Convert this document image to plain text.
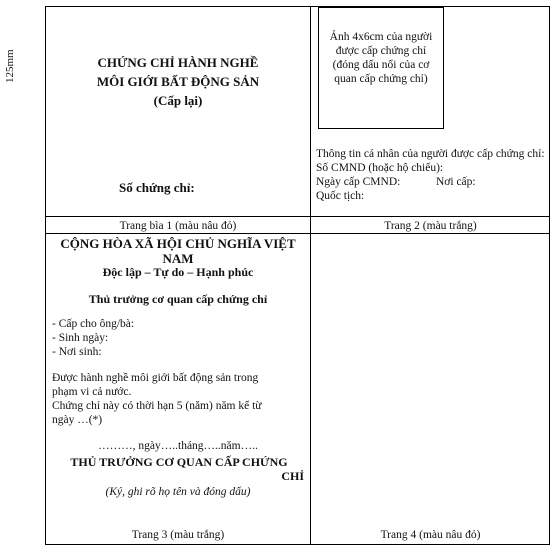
125mm	CHỨNG CHỈ HÀNH NGHỀ
MÔI GIỚI BẤT ĐỘNG SẢN
(Cấp lại)
Số chứng chỉ:
Trang bìa 1 (màu nâu đỏ)
Ảnh 4x6cm của người được cấp chứng chỉ (đóng dấu nổi của cơ quan cấp chứng chỉ)
Thông tin cá nhân của người được cấp chứng chỉ:
Số CMND (hoặc hộ chiếu):
Ngày cấp CMND:	Nơi cấp:
Quốc tịch:
Trang 2 (màu trắng)
CỘNG HÒA XÃ HỘI CHỦ NGHĨA VIỆT
NAM
Độc lập – Tự do – Hạnh phúc
Thủ trưởng cơ quan cấp chứng chỉ
- Cấp cho ông/bà:
- Sinh ngày:
- Nơi sinh:
Được hành nghề môi giới bất động sản trong
phạm vi cả nước.
Chứng chỉ này có thời hạn 5 (năm) năm kể từ
ngày …(*)
………, ngày…..tháng…..năm…..
THỦ TRƯỞNG CƠ QUAN CẤP CHỨNG
CHỈ
(Ký, ghi rõ họ tên và đóng dấu)
Trang 3 (màu trắng)	Trang 4 (màu nâu đỏ)
